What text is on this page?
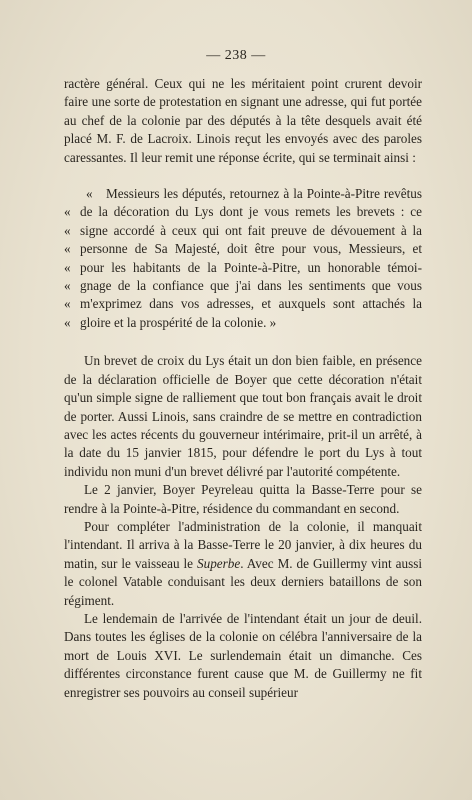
— 238 —

ractère général. Ceux qui ne les méritaient point crurent devoir faire une sorte de protestation en signant une adresse, qui fut portée au chef de la colonie par des députés à la tête desquels avait été placé M. F. de Lacroix. Linois reçut les envoyés avec des paroles caressantes. Il leur remit une réponse écrite, qui se terminait ainsi :

« Messieurs les députés, retournez à la Pointe-à-Pitre revêtus
« de la décoration du Lys dont je vous remets les brevets : ce
« signe accordé à ceux qui ont fait preuve de dévouement à la
« personne de Sa Majesté, doit être pour vous, Messieurs, et
« pour les habitants de la Pointe-à-Pitre, un honorable témoi-
« gnage de la confiance que j'ai dans les sentiments que vous
« m'exprimez dans vos adresses, et auxquels sont attachés la
« gloire et la prospérité de la colonie. »

Un brevet de croix du Lys était un don bien faible, en présence de la déclaration officielle de Boyer que cette décoration n'était qu'un simple signe de ralliement que tout bon français avait le droit de porter. Aussi Linois, sans craindre de se mettre en contradiction avec les actes récents du gouverneur intérimaire, prit-il un arrêté, à la date du 15 janvier 1815, pour défendre le port du Lys à tout individu non muni d'un brevet délivré par l'autorité compétente.

Le 2 janvier, Boyer Peyreleau quitta la Basse-Terre pour se rendre à la Pointe-à-Pitre, résidence du commandant en second.

Pour compléter l'administration de la colonie, il manquait l'intendant. Il arriva à la Basse-Terre le 20 janvier, à dix heures du matin, sur le vaisseau le Superbe. Avec M. de Guillermy vint aussi le colonel Vatable conduisant les deux derniers bataillons de son régiment.

Le lendemain de l'arrivée de l'intendant était un jour de deuil. Dans toutes les églises de la colonie on célébra l'anniversaire de la mort de Louis XVI. Le surlendemain était un dimanche. Ces différentes circonstance furent cause que M. de Guillermy ne fit enregistrer ses pouvoirs au conseil supérieur
